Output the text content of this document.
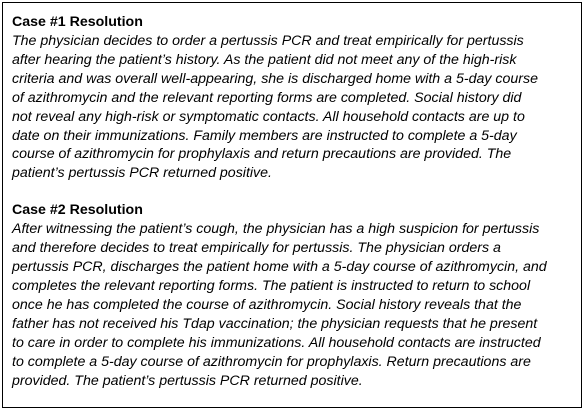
Case #1 Resolution

The physician decides to order a pertussis PCR and treat empirically for pertussis
after hearing the patient’s history. As the patient did not meet any of the high-risk
criteria and was overall well-appearing, she is discharged home with a 5-day course
of azithromycin and the relevant reporting forms are completed. Social history did
not reveal any high-risk or symptomatic contacts. All household contacts are up to
date on their immunizations. Family members are instructed to complete a 5-day
course of azithromycin for prophylaxis and return precautions are provided. The
patient’s pertussis PCR returned positive.

Case #2 Resolution

After witnessing the patient’s cough, the physician has a high suspicion for pertussis
and therefore decides to treat empirically for pertussis. The physician orders a
pertussis PCR, discharges the patient home with a 5-day course of azithromycin, and
completes the relevant reporting forms. The patient is instructed to return to school
once he has completed the course of azithromycin. Social history reveals that the
father has not received his Tdap vaccination; the physician requests that he present
to care in order to complete his immunizations. All household contacts are instructed
to complete a 5-day course of azithromycin for prophylaxis. Return precautions are
provided. The patient’s pertussis PCR returned positive.
